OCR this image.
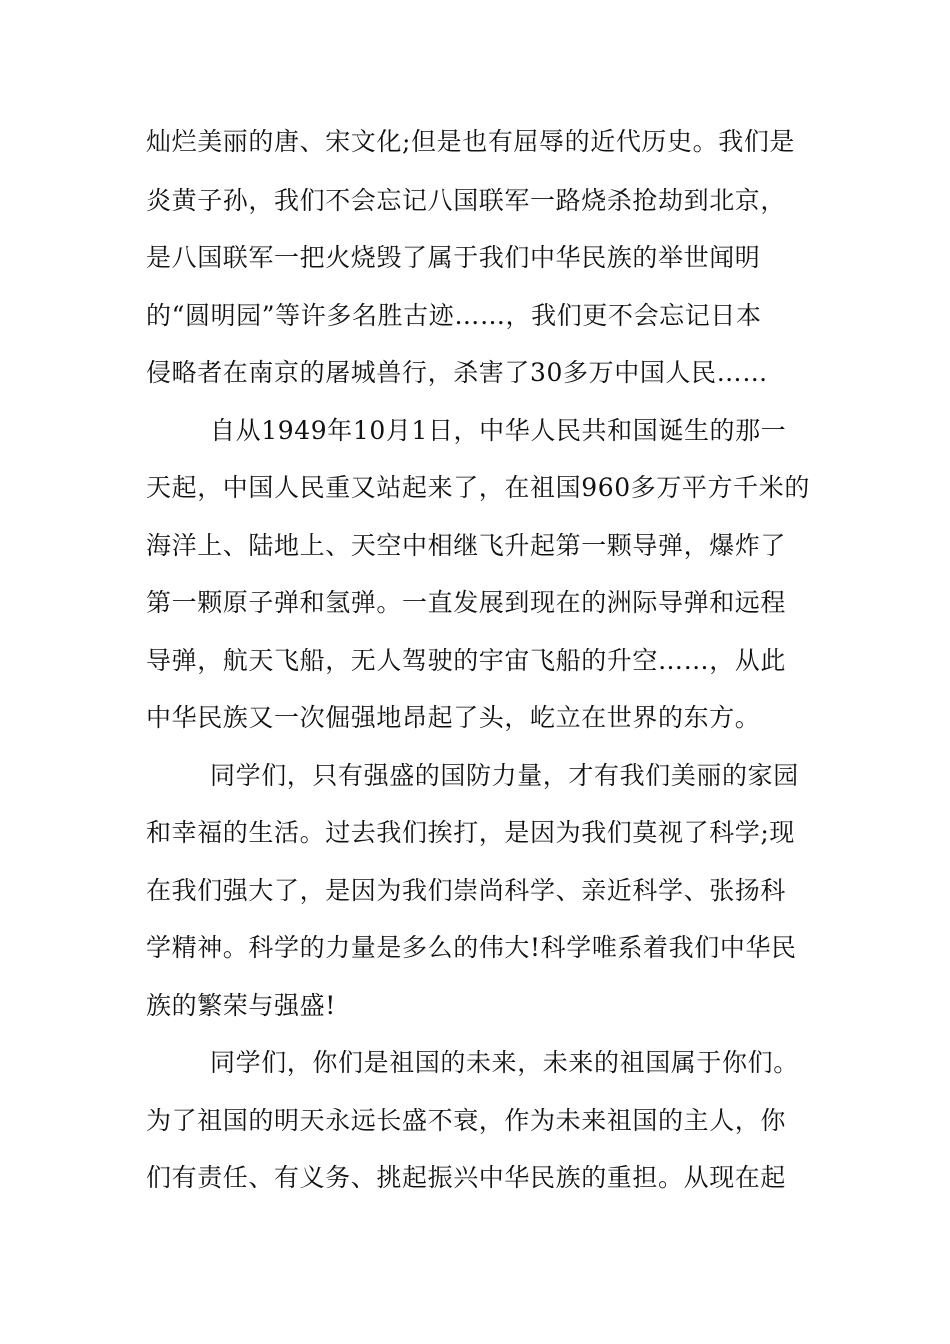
灿烂美丽的唐、宋文化;但是也有屈辱的近代历史。我们是
炎黄子孙，我们不会忘记八国联军一路烧杀抢劫到北京，
是八国联军一把火烧毁了属于我们中华民族的举世闻明
的“圆明园”等许多名胜古迹……，我们更不会忘记日本
侵略者在南京的屠城兽行，杀害了30多万中国人民……
自从1949年10月1日，中华人民共和国诞生的那一
天起，中国人民重又站起来了，在祖国960多万平方千米的
海洋上、陆地上、天空中相继飞升起第一颗导弹，爆炸了
第一颗原子弹和氢弹。一直发展到现在的洲际导弹和远程
导弹，航天飞船，无人驾驶的宇宙飞船的升空……，从此
中华民族又一次倔强地昂起了头，屹立在世界的东方。
同学们，只有强盛的国防力量，才有我们美丽的家园
和幸福的生活。过去我们挨打，是因为我们莫视了科学;现
在我们强大了，是因为我们崇尚科学、亲近科学、张扬科
学精神。科学的力量是多么的伟大!科学唯系着我们中华民
族的繁荣与强盛!
同学们，你们是祖国的未来，未来的祖国属于你们。
为了祖国的明天永远长盛不衰，作为未来祖国的主人，你
们有责任、有义务、挑起振兴中华民族的重担。从现在起
